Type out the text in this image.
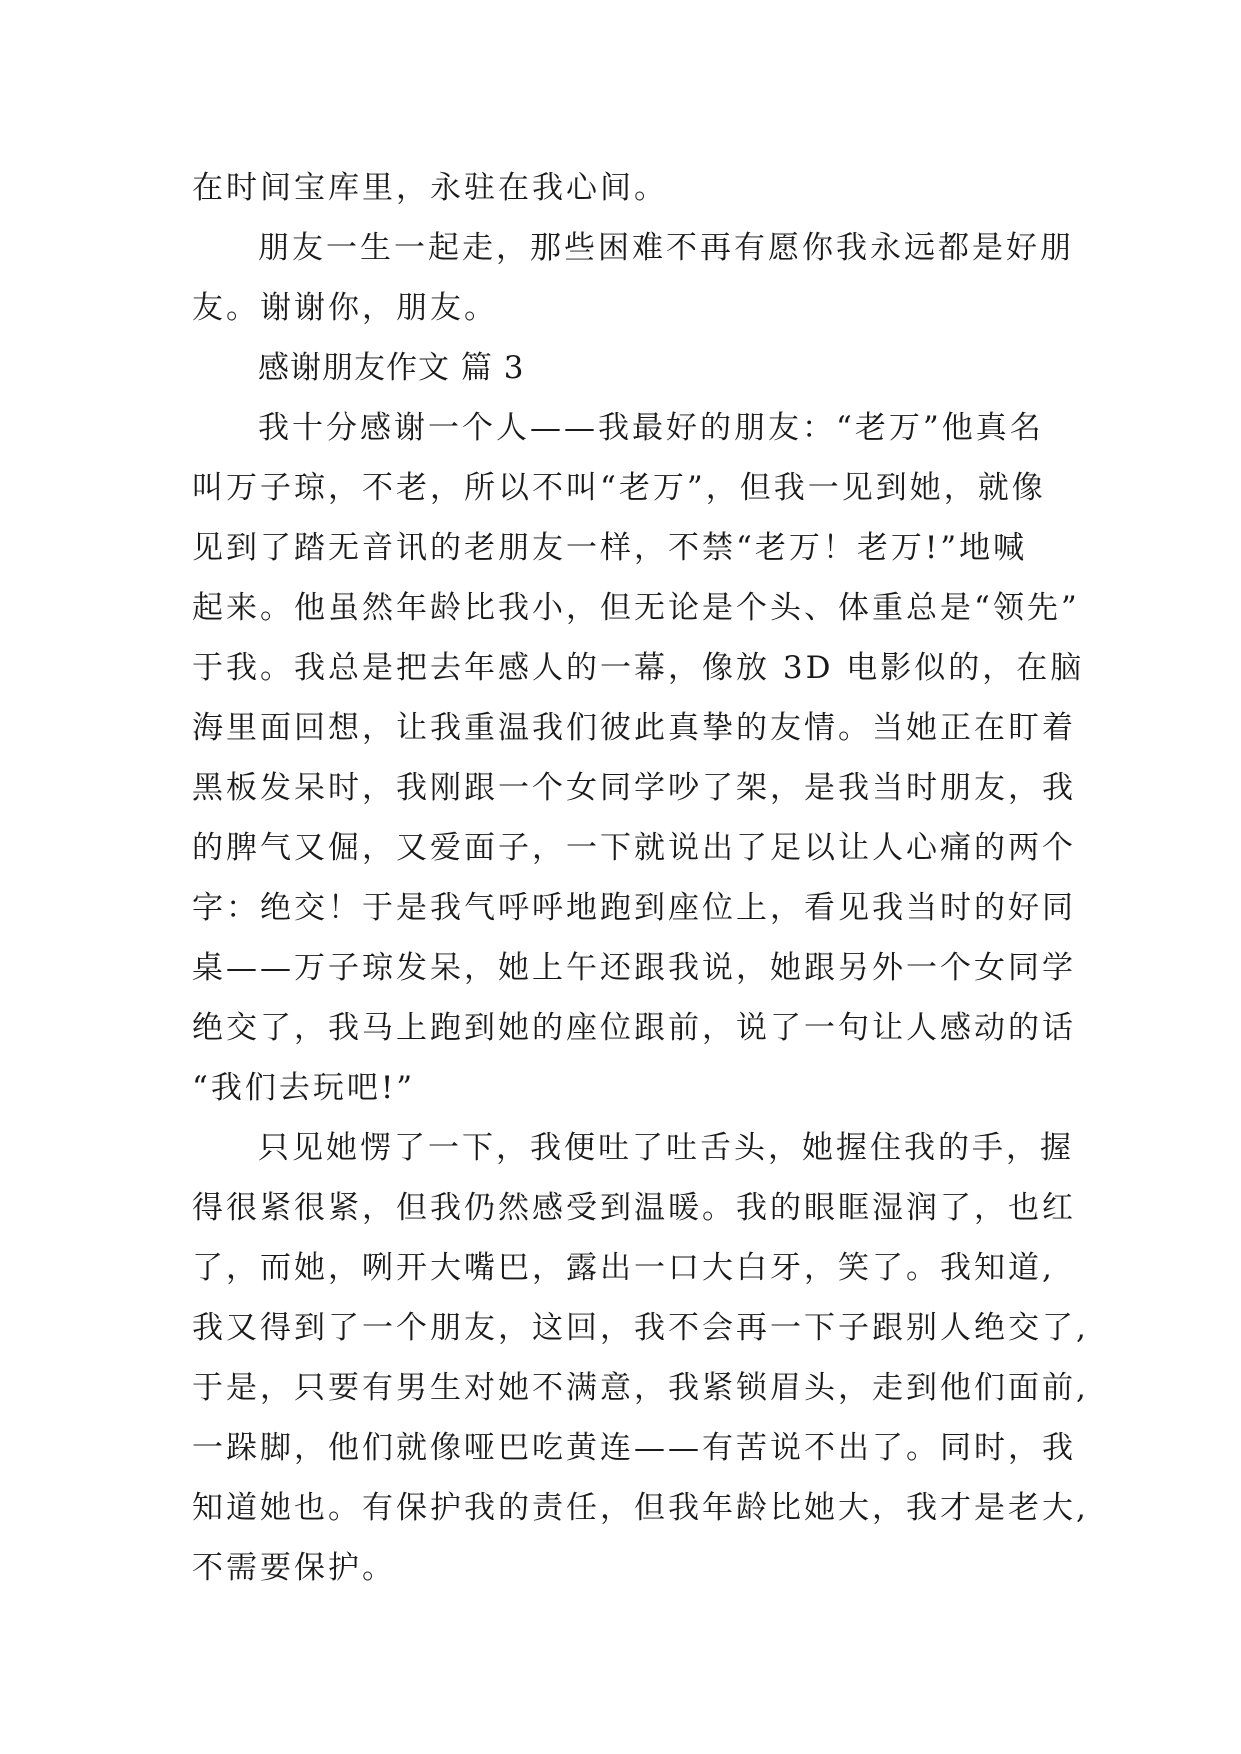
在时间宝库里，永驻在我心间。
朋友一生一起走，那些困难不再有愿你我永远都是好朋
友。谢谢你，朋友。
感谢朋友作文 篇 3
我十分感谢一个人——我最好的朋友：“老万”他真名
叫万子琼，不老，所以不叫“老万”，但我一见到她，就像
见到了踏无音讯的老朋友一样，不禁“老万！老万!”地喊
起来。他虽然年龄比我小，但无论是个头、体重总是“领先”
于我。我总是把去年感人的一幕，像放 3D 电影似的，在脑
海里面回想，让我重温我们彼此真挚的友情。当她正在盯着
黑板发呆时，我刚跟一个女同学吵了架，是我当时朋友，我
的脾气又倔，又爱面子，一下就说出了足以让人心痛的两个
字：绝交！于是我气呼呼地跑到座位上，看见我当时的好同
桌——万子琼发呆，她上午还跟我说，她跟另外一个女同学
绝交了，我马上跑到她的座位跟前，说了一句让人感动的话
“我们去玩吧!”
只见她愣了一下，我便吐了吐舌头，她握住我的手，握
得很紧很紧，但我仍然感受到温暖。我的眼眶湿润了，也红
了，而她，咧开大嘴巴，露出一口大白牙，笑了。我知道,
我又得到了一个朋友，这回，我不会再一下子跟别人绝交了,
于是，只要有男生对她不满意，我紧锁眉头，走到他们面前,
一跺脚，他们就像哑巴吃黄连——有苦说不出了。同时，我
知道她也。有保护我的责任，但我年龄比她大，我才是老大,
不需要保护。
